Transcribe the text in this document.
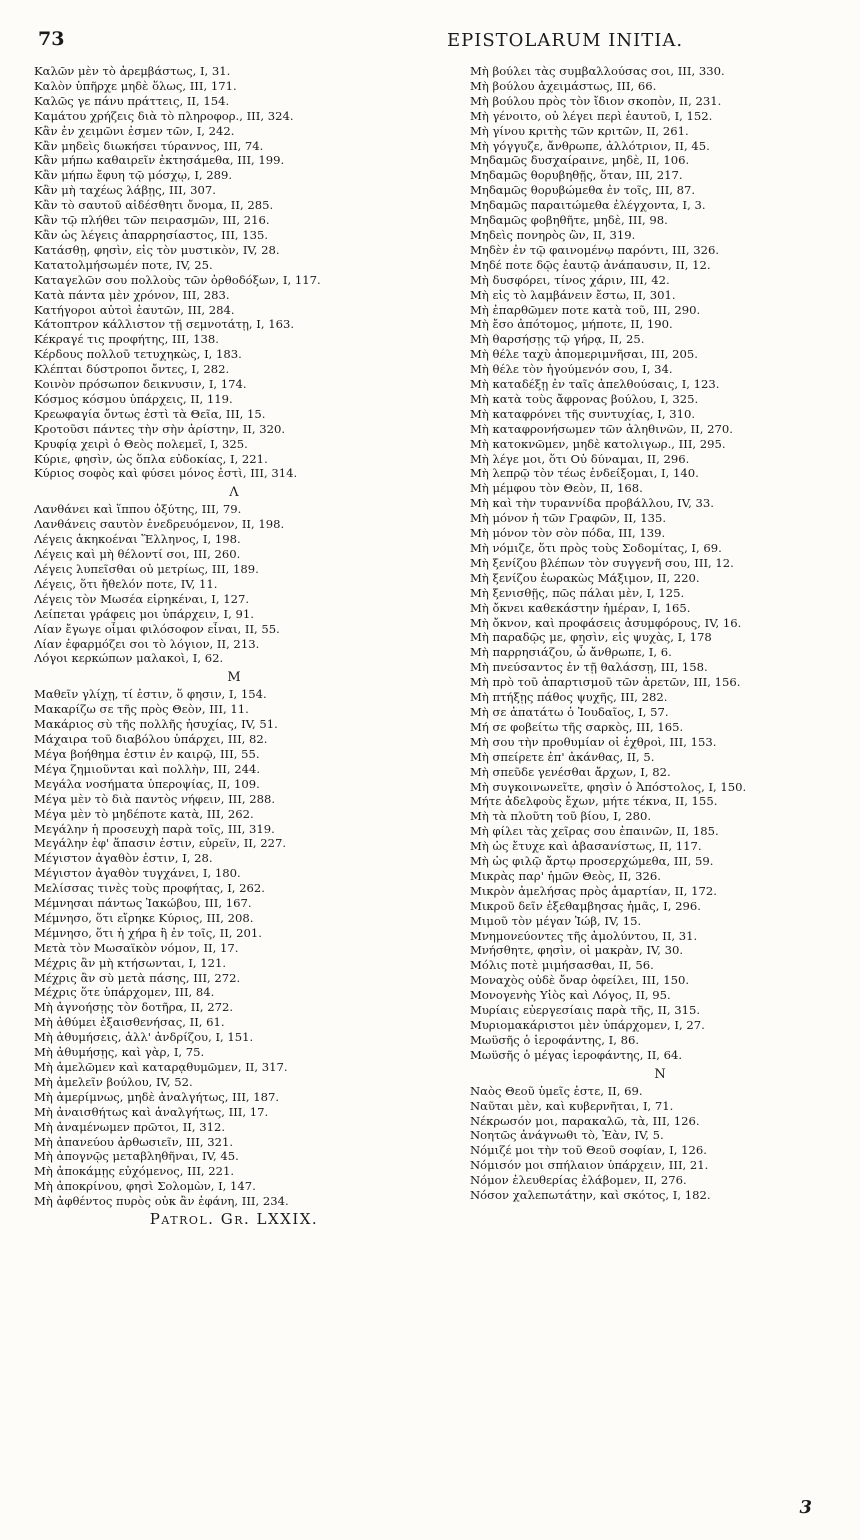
73	EPISTOLARUM INITIA.
Καλῶν μὲν τὸ ἀρεμβάστως, I, 31.
Καλὸν ὑπῆρχε μηδὲ ὅλως, III, 171.
Καλῶς γε πάνυ πράττεις, II, 154.
Καμάτου χρήζεις διὰ τὸ πληροφορ., III, 324.
Κἂν ἐν χειμῶνι ἐσμεν τῶν, I, 242.
Κἂν μηδεὶς διωκήσει τύραννος, III, 74.
Κἂν μήπω καθαιρεῖν ἐκτησάμεθα, III, 199.
Κἂν μήπω ἔφυη τῷ μόσχῳ, I, 289.
Κἂν μὴ ταχέως λάβῃς, III, 307.
Κἂν τὸ σαυτοῦ αἰδέσθητι ὄνομα, II, 285.
Κἂν τῷ πλήθει τῶν πειρασμῶν, III, 216.
Κἂν ὡς λέγεις ἀπαρρησίαστος, III, 135.
Κατάσθῃ, φησὶν, εἰς τὸν μυστικὸν, IV, 28.
Κατατολμήσωμέν ποτε, IV, 25.
Καταγελῶν σου πολλοὺς τῶν ὀρθοδόξων, I, 117.
Κατὰ πάντα μὲν χρόνον, III, 283.
Κατήγοροι αὐτοὶ ἑαυτῶν, III, 284.
Κάτοπτρον κάλλιστον τῇ σεμνοτάτῃ, I, 163.
Κέκραγέ τις προφήτης, III, 138.
Κέρδους πολλοῦ τετυχηκὼς, I, 183.
Κλέπται δύστροποι ὄντες, I, 282.
Κοινὸν πρόσωπον δεικνυσιν, I, 174.
Κόσμος κόσμου ὑπάρχεις, II, 119.
Κρεωφαγία ὄντως ἐστὶ τὰ Θεῖα, III, 15.
Κροτοῦσι πάντες τὴν σὴν ἀρίστην, II, 320.
Κρυφίᾳ χειρὶ ὁ Θεὸς πολεμεῖ, I, 325.
Κύριε, φησὶν, ὡς ὅπλα εὐδοκίας, I, 221.
Κύριος σοφὸς καὶ φύσει μόνος ἐστὶ, III, 314.
Λ
Λανθάνει καὶ ἵππου ὀξύτης, III, 79.
Λανθάνεις σαυτὸν ἐνεδρευόμενον, II, 198.
Λέγεις ἀκηκοέναι Ἕλληνος, I, 198.
Λέγεις καὶ μὴ θέλοντί σοι, III, 260.
Λέγεις λυπεῖσθαι οὐ μετρίως, III, 189.
Λέγεις, ὅτι ἤθελόν ποτε, IV, 11.
Λέγεις τὸν Μωσέα εἰρηκέναι, I, 127.
Λείπεται γράφεις μοι ὑπάρχειν, I, 91.
Λίαν ἔγωγε οἶμαι φιλόσοφον εἶναι, II, 55.
Λίαν ἐφαρμόζει σοι τὸ λόγιον, II, 213.
Λόγοι κερκώπων μαλακοὶ, I, 62.
Μ
Μαθεῖν γλίχῃ, τί ἐστιν, ὅ φησιν, I, 154.
Μακαρίζω σε τῆς πρὸς Θεὸν, III, 11.
Μακάριος σὺ τῆς πολλῆς ἡσυχίας, IV, 51.
Μάχαιρα τοῦ διαβόλου ὑπάρχει, III, 82.
Μέγα βοήθημα ἐστιν ἐν καιρῷ, III, 55.
Μέγα ζημιοῦνται καὶ πολλὴν, III, 244.
Μεγάλα νοσήματα ὑπεροψίας, II, 109.
Μέγα μὲν τὸ διὰ παντὸς νήφειν, III, 288.
Μέγα μὲν τὸ μηδέποτε κατὰ, III, 262.
Μεγάλην ἡ προσευχὴ παρὰ τοῖς, III, 319.
Μεγάλην ἐφ' ἅπασιν ἐστιν, εὑρεῖν, II, 227.
Μέγιστον ἀγαθὸν ἐστιν, I, 28.
Μέγιστον ἀγαθὸν τυγχάνει, I, 180.
Μελίσσας τινὲς τοὺς προφήτας, I, 262.
Μέμνησαι πάντως Ἰακώβου, III, 167.
Μέμνησο, ὅτι εἴρηκε Κύριος, III, 208.
Μέμνησο, ὅτι ἡ χήρα ἣ ἐν τοῖς, II, 201.
Μετὰ τὸν Μωσαϊκὸν νόμον, II, 17.
Μέχρις ἂν μὴ κτήσωνται, I, 121.
Μέχρις ἂν σὺ μετὰ πάσης, III, 272.
Μέχρις ὅτε ὑπάρχομεν, III, 84.
Μὴ ἀγνοήσῃς τὸν δοτῆρα, II, 272.
Μὴ ἀθύμει ἐξαισθενήσας, II, 61.
Μὴ ἀθυμήσεις, ἀλλ' ἀνδρίζου, I, 151.
Μὴ ἀθυμήσῃς, καὶ γὰρ, I, 75.
Μὴ ἀμελῶμεν καὶ καταρᾳθυμῶμεν, II, 317.
Μὴ ἀμελεῖν βούλου, IV, 52.
Μὴ ἀμερίμνως, μηδὲ ἀναλγήτως, III, 187.
Μὴ ἀναισθήτως καὶ ἀναλγήτως, III, 17.
Μὴ ἀναμένωμεν πρῶτοι, II, 312.
Μὴ ἀπανεύου ἀρθωσιεῖν, III, 321.
Μὴ ἀπογνῷς μεταβληθῆναι, IV, 45.
Μὴ ἀποκάμῃς εὐχόμενος, III, 221.
Μὴ ἀποκρίνου, φησὶ Σολομὼν, I, 147.
Μὴ ἀφθέντος πυρὸς οὐκ ἂν ἐφάνη, III, 234.
Patrol. Gr. LXXIX.
Μὴ βούλει τὰς συμβαλλούσας σοι, III, 330.
Μὴ βούλου ἀχειμάστως, III, 66.
Μὴ βούλου πρὸς τὸν ἴδιον σκοπὸν, II, 231.
Μὴ γένοιτο, οὐ λέγει περὶ ἑαυτοῦ, I, 152.
Μὴ γίνου κριτὴς τῶν κριτῶν, II, 261.
Μὴ γόγγυζε, ἄνθρωπε, ἀλλότριον, II, 45.
Μηδαμῶς δυσχαίραινε, μηδὲ, II, 106.
Μηδαμῶς θορυβηθῇς, ὅταν, III, 217.
Μηδαμῶς θορυβώμεθα ἐν τοῖς, III, 87.
Μηδαμῶς παραιτώμεθα ἐλέγχοντα, I, 3.
Μηδαμῶς φοβηθῆτε, μηδὲ, III, 98.
Μηδεὶς πονηρὸς ὢν, II, 319.
Μηδὲν ἐν τῷ φαινομένῳ παρόντι, III, 326.
Μηδέ ποτε δῷς ἑαυτῷ ἀνάπαυσιν, II, 12.
Μὴ δυσφόρει, τίνος χάριν, III, 42.
Μὴ εἰς τὸ λαμβάνειν ἔστω, II, 301.
Μὴ ἐπαρθῶμεν ποτε κατὰ τοῦ, III, 290.
Μὴ ἔσο ἀπότομος, μήποτε, II, 190.
Μὴ θαρσήσῃς τῷ γήρᾳ, II, 25.
Μὴ θέλε ταχὺ ἀπομεριμνῆσαι, III, 205.
Μὴ θέλε τὸν ἡγούμενόν σου, I, 34.
Μὴ καταδέξῃ ἐν ταῖς ἀπελθούσαις, I, 123.
Μὴ κατὰ τοὺς ἄφρονας βούλου, I, 325.
Μὴ καταφρόνει τῆς συντυχίας, I, 310.
Μὴ καταφρονήσωμεν τῶν ἀληθινῶν, II, 270.
Μὴ κατοκνῶμεν, μηδὲ κατολιγωρ., III, 295.
Μὴ λέγε μοι, ὅτι Οὐ δύναμαι, II, 296.
Μὴ λεπρῷ τὸν τέως ἐνδείξομαι, I, 140.
Μὴ μέμφου τὸν Θεὸν, II, 168.
Μὴ καὶ τὴν τυραννίδα προβάλλου, IV, 33.
Μὴ μόνον ἡ τῶν Γραφῶν, II, 135.
Μὴ μόνον τὸν σὸν πόδα, III, 139.
Μὴ νόμιζε, ὅτι πρὸς τοὺς Σοδομίτας, I, 69.
Μὴ ξενίζου βλέπων τὸν συγγενῆ σου, III, 12.
Μὴ ξενίζου ἑωρακὼς Μάξιμον, II, 220.
Μὴ ξενισθῇς, πῶς πάλαι μὲν, I, 125.
Μὴ ὄκνει καθεκάστην ἡμέραν, I, 165.
Μὴ ὄκνον, καὶ προφάσεις ἀσυμφόρους, IV, 16.
Μὴ παραδῷς με, φησὶν, εἰς ψυχὰς, I, 178
Μὴ παρρησιάζου, ὦ ἄνθρωπε, I, 6.
Μὴ πνεύσαντος ἐν τῇ θαλάσσῃ, III, 158.
Μὴ πρὸ τοῦ ἀπαρτισμοῦ τῶν ἀρετῶν, III, 156.
Μὴ πτήξῃς πάθος ψυχῆς, III, 282.
Μὴ σε ἀπατάτω ὁ Ἰουδαῖος, I, 57.
Μή σε φοβείτω τῆς σαρκὸς, III, 165.
Μὴ σου τὴν προθυμίαν οἱ ἐχθροὶ, III, 153.
Μὴ σπείρετε ἐπ' ἀκάνθας, II, 5.
Μὴ σπεῦδε γενέσθαι ἄρχων, I, 82.
Μὴ συγκοινωνεῖτε, φησὶν ὁ Ἀπόστολος, I, 150.
Μήτε ἀδελφοὺς ἔχων, μήτε τέκνα, II, 155.
Μὴ τὰ πλοῦτη τοῦ βίου, I, 280.
Μὴ φίλει τὰς χεῖρας σου ἐπαινῶν, II, 185.
Μὴ ὡς ἔτυχε καὶ ἀβασανίστως, II, 117.
Μὴ ὡς φιλῷ ἄρτῳ προσερχώμεθα, III, 59.
Μικρὰς παρ' ἡμῶν Θεὸς, II, 326.
Μικρὸν ἀμελήσας πρὸς ἁμαρτίαν, II, 172.
Μικροῦ δεῖν ἐξεθαμβησας ἡμᾶς, I, 296.
Μιμοῦ τὸν μέγαν Ἰώβ, IV, 15.
Μνημονεύοντες τῆς ἀμολύντου, II, 31.
Μνήσθητε, φησὶν, οἱ μακρὰν, IV, 30.
Μόλις ποτὲ μιμήσασθαι, II, 56.
Μοναχὸς οὐδὲ ὄναρ ὀφείλει, III, 150.
Μονογενὴς Υἱὸς καὶ Λόγος, II, 95.
Μυρίαις εὐεργεσίαις παρὰ τῆς, II, 315.
Μυριομακάριστοι μὲν ὑπάρχομεν, I, 27.
Μωϋσῆς ὁ ἱεροφάντης, I, 86.
Μωϋσῆς ὁ μέγας ἱεροφάντης, II, 64.
Ν
Ναὸς Θεοῦ ὑμεῖς ἐστε, II, 69.
Ναῦται μὲν, καὶ κυβερνῆται, I, 71.
Νέκρωσόν μοι, παρακαλῶ, τὰ, III, 126.
Νοητῶς ἀνάγνωθι τὸ, Ἐὰν, IV, 5.
Νόμιζέ μοι τὴν τοῦ Θεοῦ σοφίαν, I, 126.
Νόμισόν μοι σπήλαιον ὑπάρχειν, III, 21.
Νόμον ἐλευθερίας ἐλάβομεν, II, 276.
Νόσον χαλεπωτάτην, καὶ σκότος, I, 182.
3
